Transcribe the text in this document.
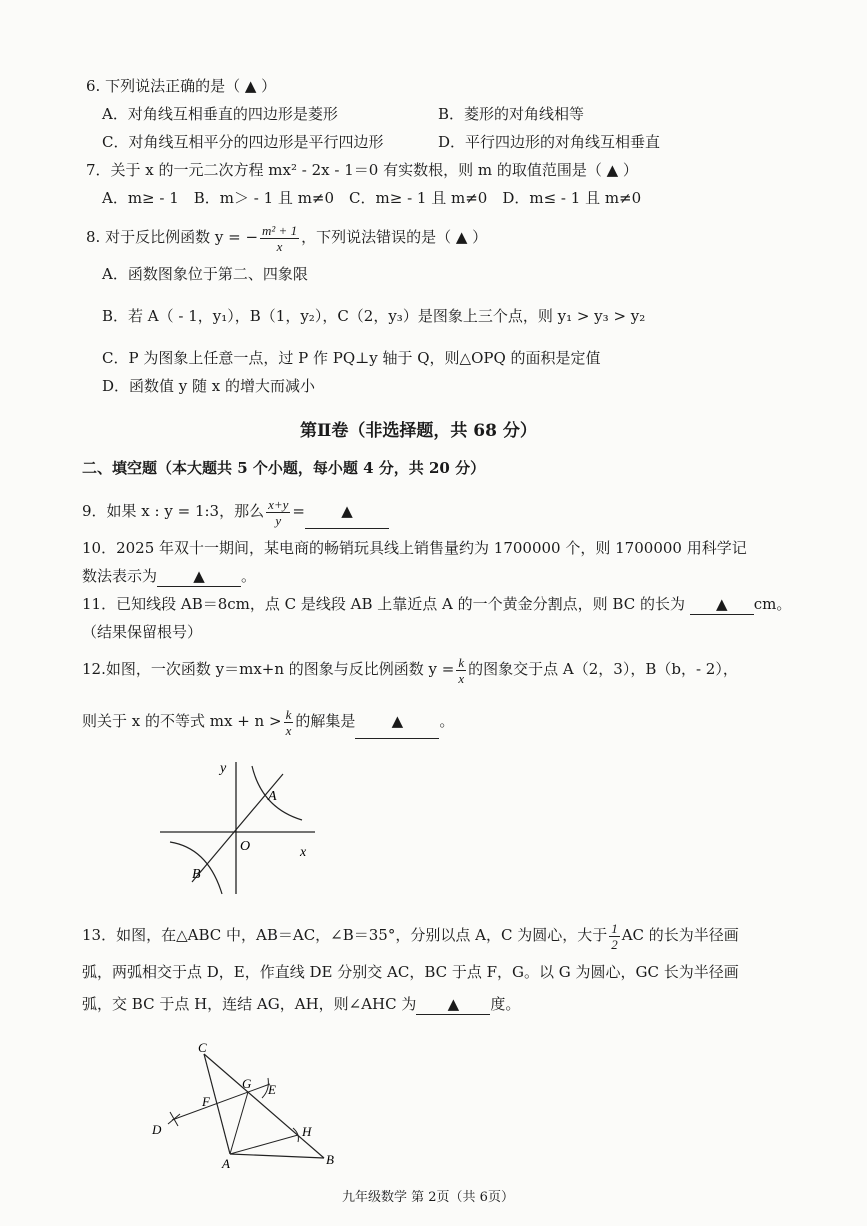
6. 下列说法正确的是（ ▲ ）
A．对角线互相垂直的四边形是菱形	B．菱形的对角线相等
C．对角线互相平分的四边形是平行四边形	D．平行四边形的对角线互相垂直
7．关于 x 的一元二次方程 mx² - 2x - 1＝0 有实数根，则 m 的取值范围是（ ▲ ）
A．m≥ - 1　B．m＞ - 1 且 m≠0　C．m≥ - 1 且 m≠0　D．m≤ - 1 且 m≠0
8. 对于反比例函数 y = − $\frac{\text{m² + 1}}{x}$ ，下列说法错误的是（ ▲ ）
A．函数图象位于第二、四象限
B．若 A（ - 1，y₁），B（1，y₂），C（2，y₃）是图象上三个点，则 y₁ > y₃ > y₂
C．P 为图象上任意一点，过 P 作 PQ⊥y 轴于 Q，则△OPQ 的面积是定值
D．函数值 y 随 x 的增大而减小
第Ⅱ卷（非选择题，共 68 分）
二、填空题（本大题共 5 个小题，每小题 4 分，共 20 分）
9．如果 x : y = 1:3，那么 $\frac{x+y}{y}$ = ▲
10．2025 年双十一期间，某电商的畅销玩具线上销售量约为 1700000 个，则 1700000 用科学记
数法表示为 ▲ 。
11．已知线段 AB＝8cm，点 C 是线段 AB 上靠近点 A 的一个黄金分割点，则 BC 的长为 ▲ cm。
（结果保留根号）
12.如图，一次函数 y＝mx+n 的图象与反比例函数 $y = \frac{k}{x}$ 的图象交于点 A（2，3），B（b，- 2），
则关于 x 的不等式 mx + $n > \frac{k}{x}$ 的解集是 ▲ 。
y
x
O
A
B
13．如图，在△ABC 中，AB＝AC，∠B＝35°，分别以点 A，C 为圆心，大于 $\frac{1}{2}$ AC 的长为半径画
弧，两弧相交于点 D，E，作直线 DE 分别交 AC，BC 于点 F，G。以 G 为圆心，GC 长为半径画
弧，交 BC 于点 H，连结 AG，AH，则∠AHC 为 ▲ 度。
C
G E
F
D	H
A	B
九年级数学 第 2页（共 6页）
